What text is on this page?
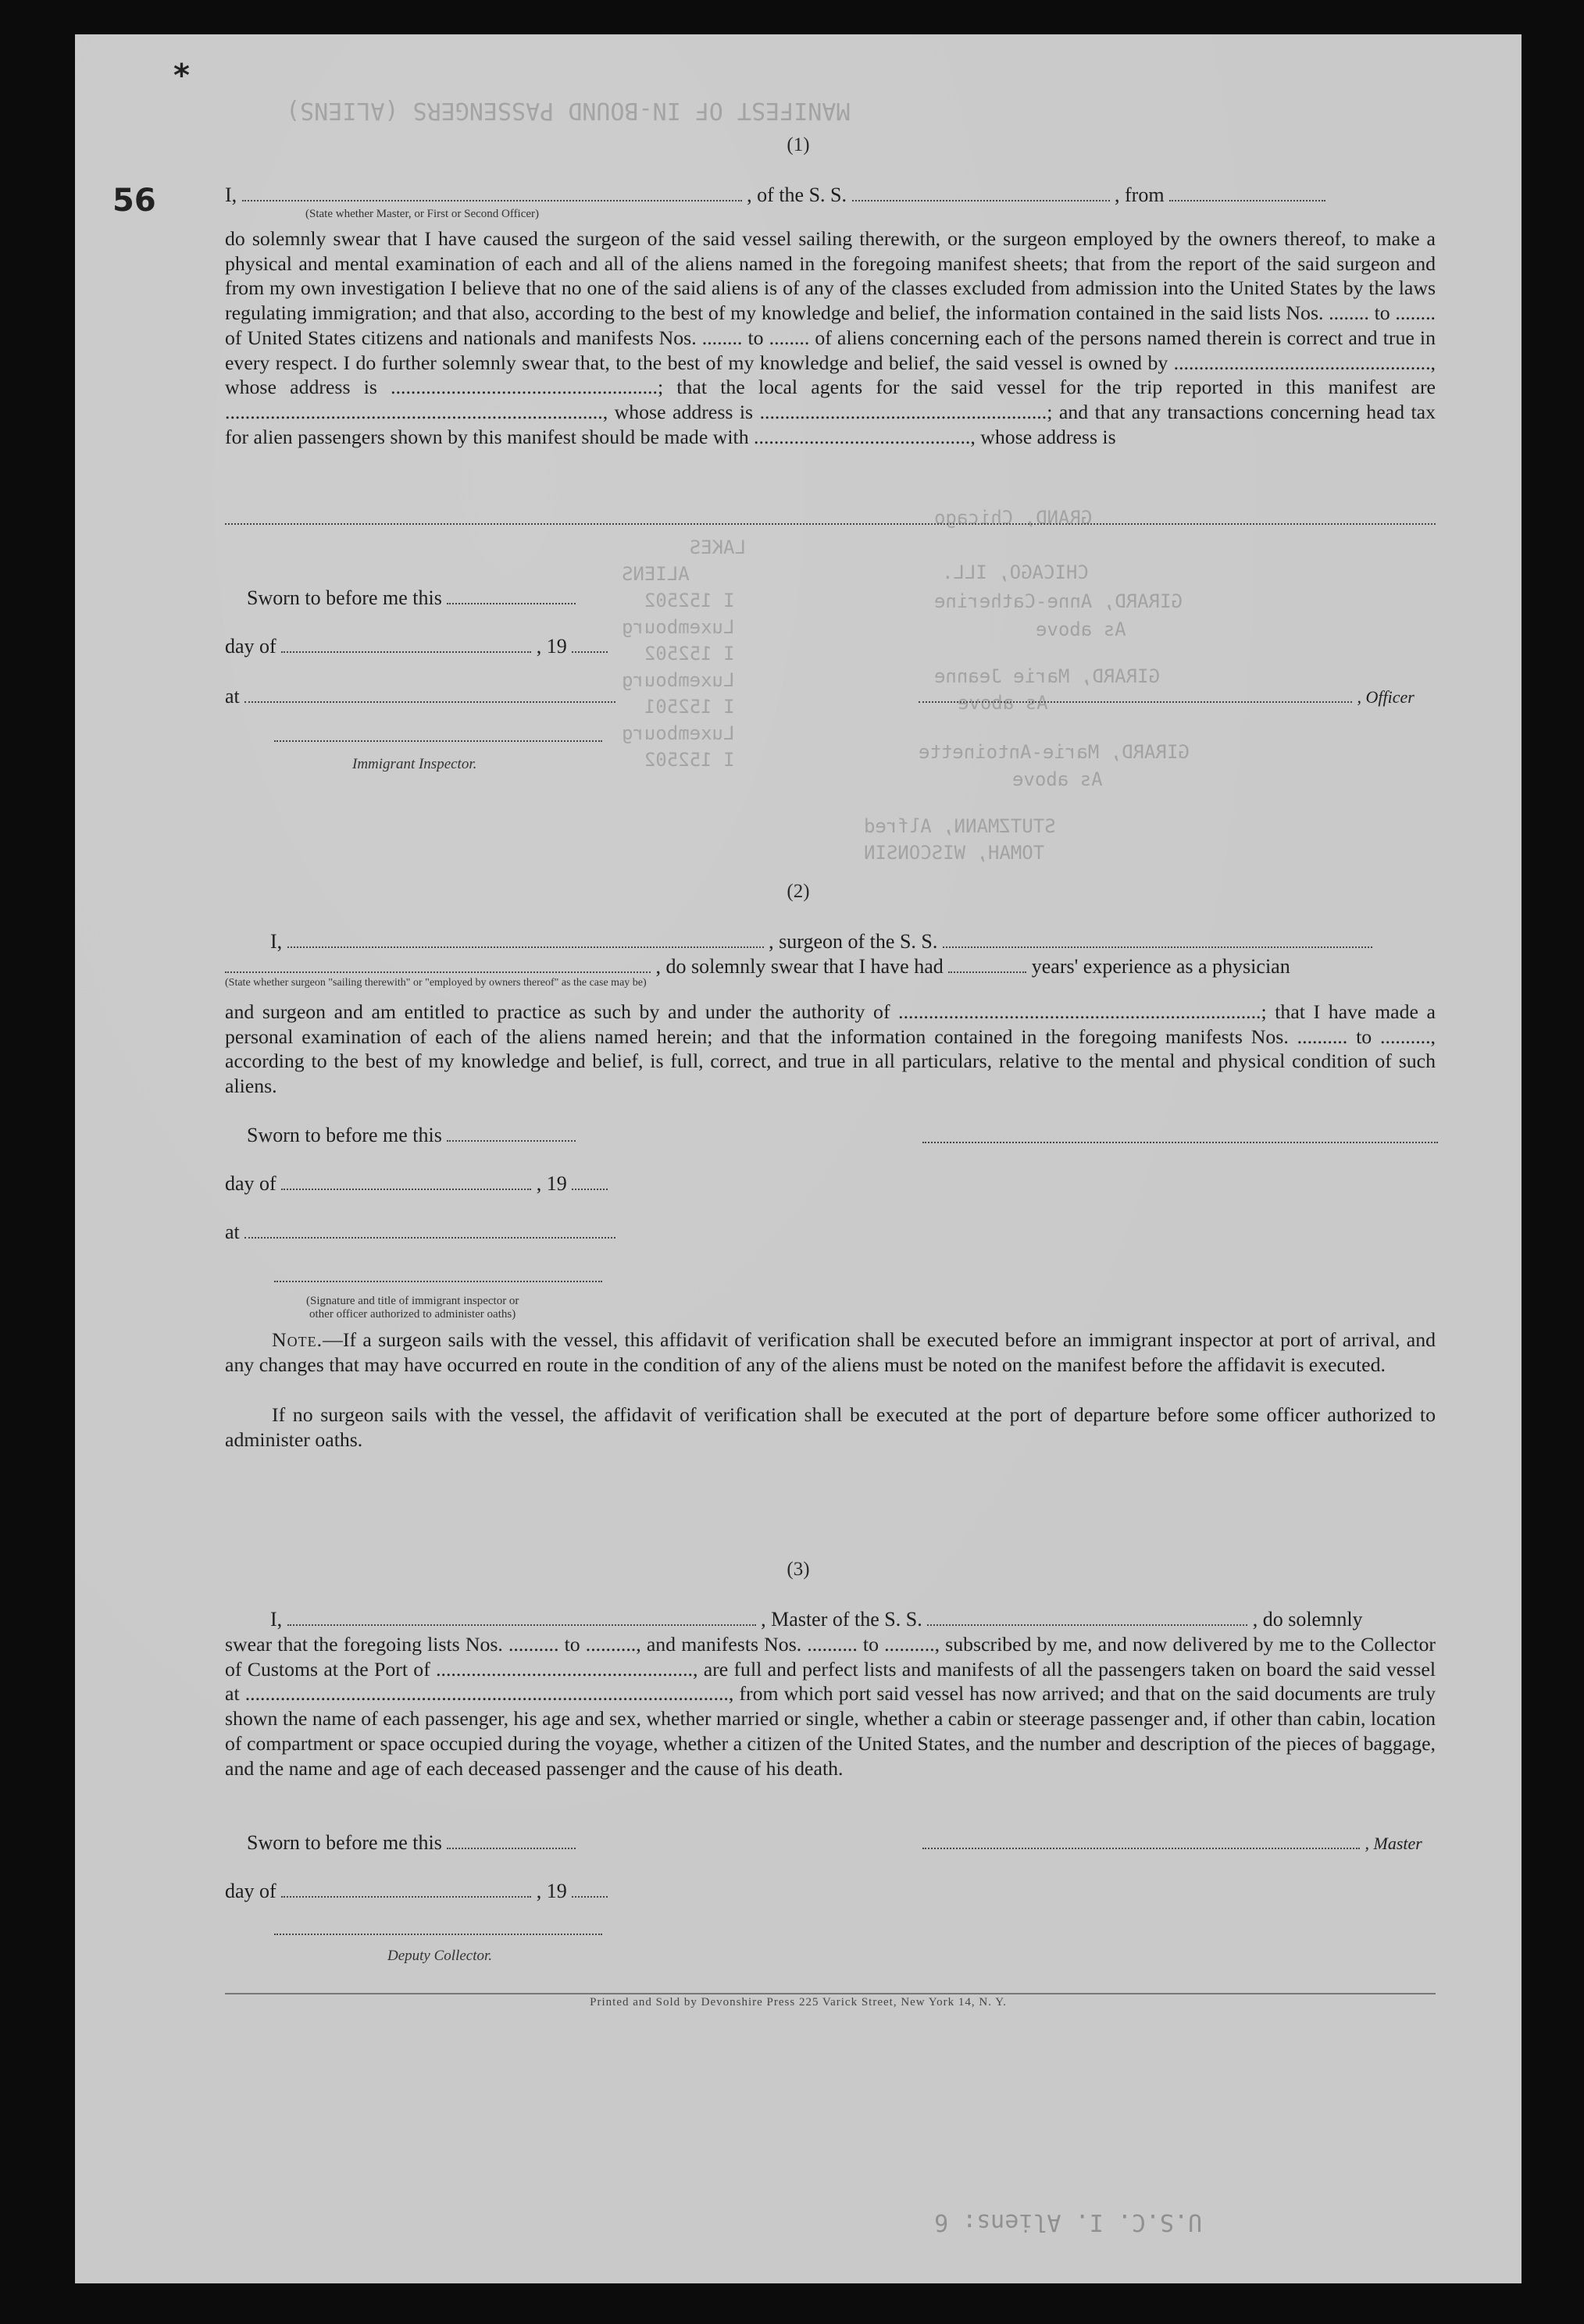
MANIFEST OF IN-BOUND PASSENGERS (ALIENS)
GRAND, Chicago
CHICAGO, ILL.
GIRARD, Anne-Catherine
As above
GIRARD, Marie Jeanne
As above
GIRARD, Marie-Antoinette
As above
STUTZMANN, Alfred
TOMAH, WISCONSIN
LAKES
ALIENS
I 152502
Luxembourg
I 152502
Luxembourg
I 152501
Luxembourg
I 152502
U.S.C. I. Aliens: 6
*
56
(1)
I,	, of the S. S.	, from
(State whether Master, or First or Second Officer)
do solemnly swear that I have caused the surgeon of the said vessel sailing therewith, or the surgeon employed by the owners thereof, to make a physical and mental examination of each and all of the aliens named in the foregoing manifest sheets; that from the report of the said surgeon and from my own investigation I believe that no one of the said aliens is of any of the classes excluded from admission into the United States by the laws regulating immigration; and that also, according to the best of my knowledge and belief, the information contained in the said lists Nos. ........ to ........ of United States citizens and nationals and manifests Nos. ........ to ........ of aliens concerning each of the persons named therein is correct and true in every respect. I do further solemnly swear that, to the best of my knowledge and belief, the said vessel is owned by ..................................................., whose address is .....................................................; that the local agents for the said vessel for the trip reported in this manifest are ..........................................................................., whose address is .........................................................; and that any transactions concerning head tax for alien passengers shown by this manifest should be made with ..........................................., whose address is
Sworn to before me this
day of	, 19
at	, Officer
Immigrant Inspector.
(2)
I,	, surgeon of the S. S.
, do solemnly swear that I have had	years' experience as a physician
(State whether surgeon "sailing therewith" or "employed by owners thereof" as the case may be)
and surgeon and am entitled to practice as such by and under the authority of ........................................................................; that I have made a personal examination of each of the aliens named herein; and that the information contained in the foregoing manifests Nos. .......... to .........., according to the best of my knowledge and belief, is full, correct, and true in all particulars, relative to the mental and physical condition of such aliens.
Sworn to before me this
day of	, 19
at
(Signature and title of immigrant inspector or
other officer authorized to administer oaths)
Note.—If a surgeon sails with the vessel, this affidavit of verification shall be executed before an immigrant inspector at port of arrival, and any changes that may have occurred en route in the condition of any of the aliens must be noted on the manifest before the affidavit is executed.
If no surgeon sails with the vessel, the affidavit of verification shall be executed at the port of departure before some officer authorized to administer oaths.
(3)
I,	, Master of the S. S.	, do solemnly
swear that the foregoing lists Nos. .......... to .........., and manifests Nos. .......... to .........., subscribed by me, and now delivered by me to the Collector of Customs at the Port of ..................................................., are full and perfect lists and manifests of all the passengers taken on board the said vessel at ................................................................................................, from which port said vessel has now arrived; and that on the said documents are truly shown the name of each passenger, his age and sex, whether married or single, whether a cabin or steerage passenger and, if other than cabin, location of compartment or space occupied during the voyage, whether a citizen of the United States, and the number and description of the pieces of baggage, and the name and age of each deceased passenger and the cause of his death.
Sworn to before me this	, Master
day of	, 19
Deputy Collector.
Printed and Sold by Devonshire Press 225 Varick Street, New York 14, N. Y.
